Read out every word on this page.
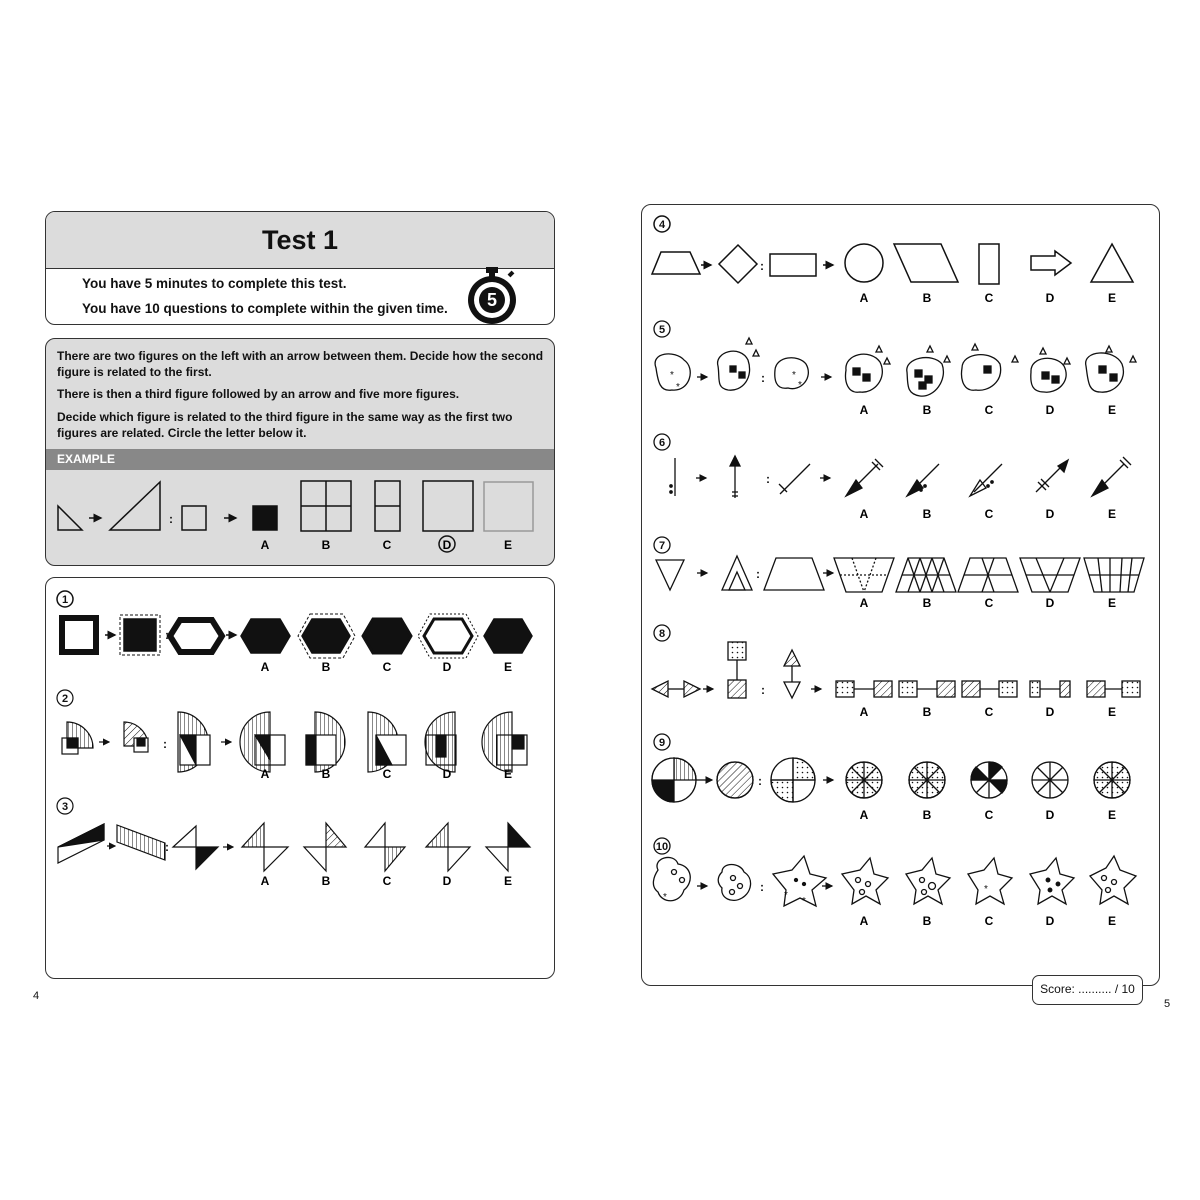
Test 1
You have 5 minutes to complete this test.
You have 10 questions to complete within the given time. 5

There are two figures on the left with an arrow between them. Decide how the second figure is related to the first.

There is then a third figure followed by an arrow and five more figures.

Decide which figure is related to the third figure in the same way as the first two figures are related. Circle the letter below it.

EXAMPLE
Score: .......... / 10
4
5
:
A	B	C	D	E
1
:
A	B	C	D	E
2
:
A	B	C	D	E
3
:
A	B	C	D	E
4
:
A	B	C	D	E
5
*
*
:	*
*
A	B	C	D	E
6
:
A	B	C	D	E
7
:
A	B	C	D	E
8
:
A	B	C	D	E
9
:
A	B	C	D	E
10
*
:
*
*
*
A	B	C	D	E
